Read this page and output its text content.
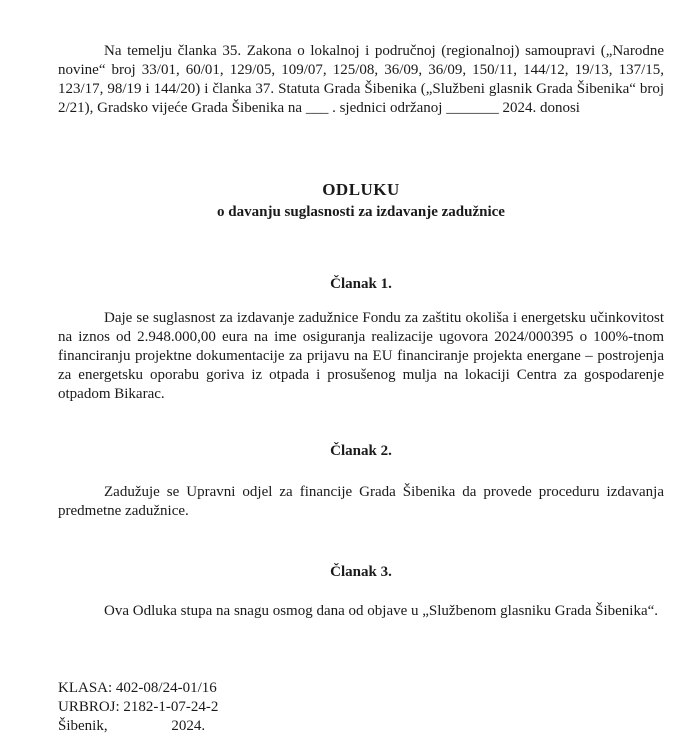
Na temelju članka 35. Zakona o lokalnoj i područnoj (regionalnoj) samoupravi („Narodne novine“ broj 33/01, 60/01, 129/05, 109/07, 125/08, 36/09, 36/09, 150/11, 144/12, 19/13, 137/15, 123/17, 98/19 i 144/20) i članka 37. Statuta Grada Šibenika („Službeni glasnik Grada Šibenika“ broj 2/21), Gradsko vijeće Grada Šibenika na ___ . sjednici održanoj _______ 2024. donosi

ODLUKU

o davanju suglasnosti za izdavanje zadužnice

Članak 1.

Daje se suglasnost za izdavanje zadužnice Fondu za zaštitu okoliša i energetsku učinkovitost na iznos od 2.948.000,00 eura na ime osiguranja realizacije ugovora 2024/000395 o 100%-tnom financiranju projektne dokumentacije za prijavu na EU financiranje projekta energane – postrojenja za energetsku oporabu goriva iz otpada i prosušenog mulja na lokaciji Centra za gospodarenje otpadom Bikarac.

Članak 2.

Zadužuje se Upravni odjel za financije Grada Šibenika da provede proceduru izdavanja predmetne zadužnice.

Članak 3.

Ova Odluka stupa na snagu osmog dana od objave u „Službenom glasniku Grada Šibenika“.

KLASA: 402-08/24-01/16
URBROJ: 2182-1-07-24-2
Šibenik,                 2024.
